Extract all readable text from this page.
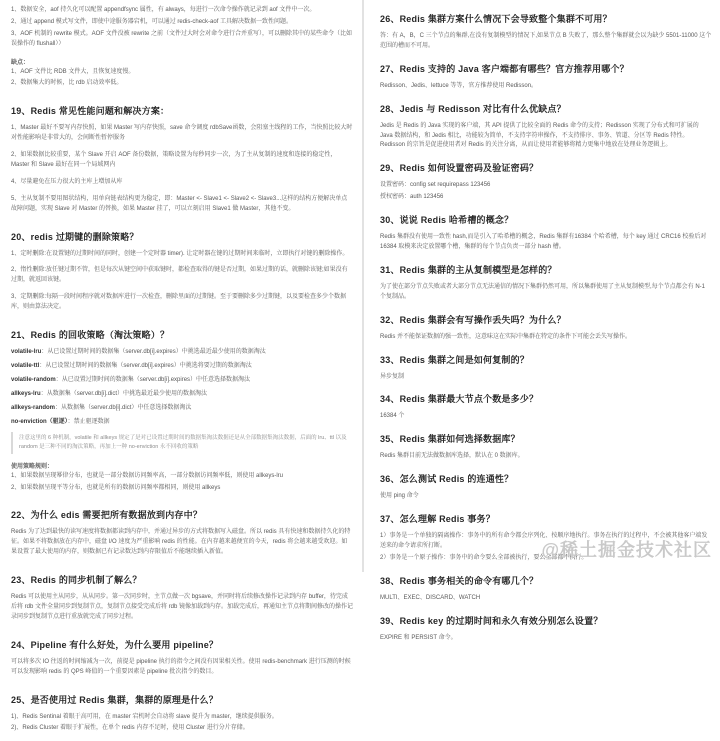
1、数据安全，aof 持久化可以配置 appendfsync 属性，有 always，每进行一次命令操作就记录到 aof 文件中一次。

2、通过 append 模式写文件，即使中途服务器宕机，可以通过 redis-check-aof 工具解决数据一致性问题。

3、AOF 机制的 rewrite 模式。AOF 文件没被 rewrite 之前（文件过大时会对命令进行合并重写），可以删除其中的某些命令（比如误操作的 flushall））

缺点：

1、AOF 文件比 RDB 文件大，且恢复速度慢。

2、数据集大的时候，比 rdb 启动效率低。

19、Redis 常见性能问题和解决方案：

1、Master 最好不要写内存快照，如果 Master 写内存快照，save 命令调度 rdbSave函数，会阻塞主线程的工作，当快照比较大时对性能影响是非常大的，会间断性暂停服务

2、如果数据比较重要，某个 Slave 开启 AOF 备份数据，策略设置为每秒同步一次，为了主从复制的速度和连接的稳定性，Master 和 Slave 最好在同一个局域网内

4、尽量避免在压力很大的主库上增加从库

5、主从复制不要用图状结构，用单向链表结构更为稳定，即：Master <- Slave1 <- Slave2 <- Slave3...这样的结构方便解决单点故障问题，实现 Slave 对 Master 的替换，如果 Master 挂了，可以立刻启用 Slave1 做 Master，其他不变。

20、redis 过期键的删除策略？

1、定时删除:在设置键的过期时间的同时，创建一个定时器 timer). 让定时器在键的过期时间来临时，立即执行对键的删除操作。

2、惰性删除:放任键过期不管，但是每次从键空间中获取键时，都检查取得的键是否过期，如果过期的话，就删除该键;如果没有过期，就返回该键。

3、定期删除:每隔一段时间程序就对数据库进行一次检查，删除里面的过期键。至于要删除多少过期键，以及要检查多少个数据库，则由算法决定。

21、Redis 的回收策略（淘汰策略）？

volatile-lru：从已设置过期时间的数据集（server.db[i].expires）中挑选最近最少使用的数据淘汰

volatile-ttl：从已设置过期时间的数据集（server.db[i].expires）中挑选将要过期的数据淘汰

volatile-random：从已设置过期时间的数据集（server.db[i].expires）中任意选择数据淘汰

allkeys-lru：从数据集（server.db[i].dict）中挑选最近最少使用的数据淘汰

allkeys-random：从数据集（server.db[i].dict）中任意选择数据淘汰

no-enviction（驱逐）：禁止驱逐数据

注意这里的 6 种机制，volatile 和 allkeys 规定了是对已设置过期时间的数据集淘汰数据还是从全部数据集淘汰数据，后面的 lru、ttl 以及 random 是三种不同的淘汰策略，再加上一种 no-enviction 永不回收的策略
使用策略规则：

1、如果数据呈现幂律分布，也就是一部分数据访问频率高，一部分数据访问频率低，则使用 allkeys-lru

2、如果数据呈现平等分布，也就是所有的数据访问频率都相同，则使用 allkeys

22、为什么 edis 需要把所有数据放到内存中？

Redis 为了达到最快的读写速度将数据都读到内存中，并通过异步的方式将数据写入磁盘。所以 redis 具有快速和数据持久化的特征。如果不将数据放在内存中，磁盘 I/O 速度为严重影响 redis 的性能。在内存越来越便宜的今天，redis 将会越来越受欢迎。如果设置了最大使用的内存，则数据已有记录数达到内存限值后不能继续插入新值。

23、Redis 的同步机制了解么？

Redis 可以使用主从同步，从从同步。第一次同步时，主节点做一次 bgsave，并同时将后续修改操作记录到内存 buffer，待完成后将 rdb 文件全量同步到复制节点，复制节点接受完成后将 rdb 镜像加载到内存。加载完成后，再通知主节点将期间修改的操作记录同步到复制节点进行重放就完成了同步过程。

24、Pipeline 有什么好处，为什么要用 pipeline？

可以将多次 IO 往返的时间缩减为一次，前提是 pipeline 执行的指令之间没有因果相关性。使用 redis-benchmark 进行压测的时候可以发现影响 redis 的 QPS 峰值的一个重要因素是 pipeline 批次指令的数目。

25、是否使用过 Redis 集群，集群的原理是什么？

1)、Redis Sentinal 着眼于高可用，在 master 宕机时会自动将 slave 提升为 master，继续提供服务。

2)、Redis Cluster 着眼于扩展性，在单个 redis 内存不足时，使用 Cluster 进行分片存储。

26、Redis 集群方案什么情况下会导致整个集群不可用？

答：有 A，B，C 三个节点的集群,在没有复制模型的情况下,如果节点 B 失败了，那么整个集群就会以为缺少 5501-11000 这个范围的槽而不可用。

27、Redis 支持的 Java 客户端都有哪些？官方推荐用哪个？

Redisson、Jedis、lettuce 等等，官方推荐使用 Redisson。

28、Jedis 与 Redisson 对比有什么优缺点？

Jedis 是 Redis 的 Java 实现的客户端，其 API 提供了比较全面的 Redis 命令的支持；Redisson 实现了分布式和可扩展的 Java 数据结构，和 Jedis 相比，功能较为简单，不支持字符串操作，不支持排序、事务、管道、分区等 Redis 特性。Redisson 的宗旨是促进使用者对 Redis 的关注分离，从而让使用者能够将精力更集中地放在处理业务逻辑上。

29、Redis 如何设置密码及验证密码？

设置密码：config set requirepass 123456

授权密码：auth 123456

30、说说 Redis 哈希槽的概念？

Redis 集群没有使用一致性 hash,而是引入了哈希槽的概念，Redis 集群有16384 个哈希槽，每个 key 通过 CRC16 校验后对 16384 取模来决定放置哪个槽，集群的每个节点负责一部分 hash 槽。

31、Redis 集群的主从复制模型是怎样的？

为了使在部分节点失败或者大部分节点无法通信的情况下集群仍然可用，所以集群使用了主从复制模型,每个节点都会有 N-1 个复制品。

32、Redis 集群会有写操作丢失吗？为什么？

Redis 并不能保证数据的强一致性，这意味这在实际中集群在特定的条件下可能会丢失写操作。

33、Redis 集群之间是如何复制的？

异步复制

34、Redis 集群最大节点个数是多少？

16384 个

35、Redis 集群如何选择数据库？

Redis 集群目前无法做数据库选择，默认在 0 数据库。

36、怎么测试 Redis 的连通性？

使用 ping 命令

37、怎么理解 Redis 事务？

1）事务是一个单独的隔离操作：事务中的所有命令都会序列化、按顺序地执行。事务在执行的过程中，不会被其他客户端发送来的命令请求所打断。

2）事务是一个原子操作：事务中的命令要么全部被执行，要么全部都不执行。

38、Redis 事务相关的命令有哪几个？

MULTI、EXEC、DISCARD、WATCH

39、Redis key 的过期时间和永久有效分别怎么设置？

EXPIRE 和 PERSIST 命令。

@稀土掘金技术社区
